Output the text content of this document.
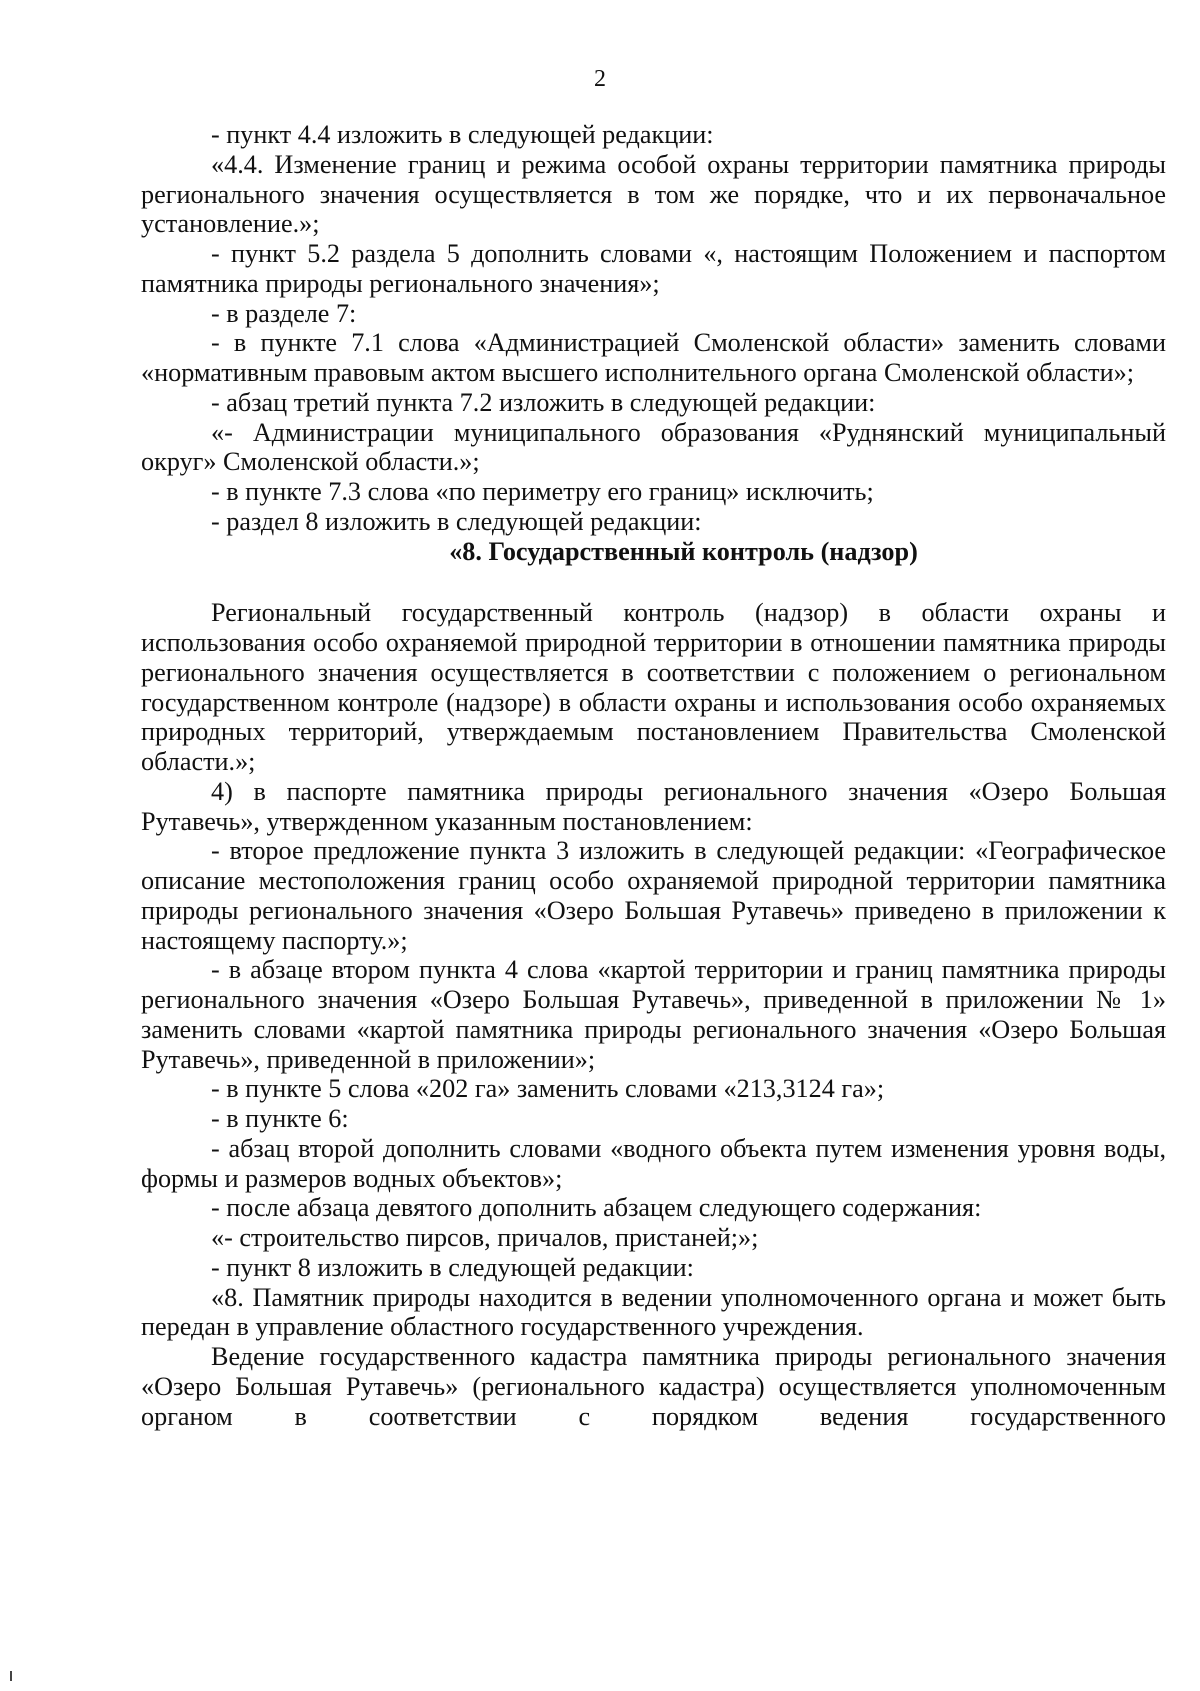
2

- пункт 4.4 изложить в следующей редакции:

«4.4. Изменение границ и режима особой охраны территории памятника природы регионального значения осуществляется в том же порядке, что и их первоначальное установление.»;

- пункт 5.2 раздела 5 дополнить словами «, настоящим Положением и паспортом памятника природы регионального значения»;

- в разделе 7:

- в пункте 7.1 слова «Администрацией Смоленской области» заменить словами «нормативным правовым актом высшего исполнительного органа Смоленской области»;

- абзац третий пункта 7.2 изложить в следующей редакции:

«- Администрации муниципального образования «Руднянский муниципальный округ» Смоленской области.»;

- в пункте 7.3 слова «по периметру его границ» исключить;

- раздел 8 изложить в следующей редакции:

«8. Государственный контроль (надзор)

Региональный государственный контроль (надзор) в области охраны и использования особо охраняемой природной территории в отношении памятника природы регионального значения осуществляется в соответствии с положением о региональном государственном контроле (надзоре) в области охраны и использования особо охраняемых природных территорий, утверждаемым постановлением Правительства Смоленской области.»;

4) в паспорте памятника природы регионального значения «Озеро Большая Рутавечь», утвержденном указанным постановлением:

- второе предложение пункта 3 изложить в следующей редакции: «Географическое описание местоположения границ особо охраняемой природной территории памятника природы регионального значения «Озеро Большая Рутавечь» приведено в приложении к настоящему паспорту.»;

- в абзаце втором пункта 4 слова «картой территории и границ памятника природы регионального значения «Озеро Большая Рутавечь», приведенной в приложении № 1» заменить словами «картой памятника природы регионального значения «Озеро Большая Рутавечь», приведенной в приложении»;

- в пункте 5 слова «202 га» заменить словами «213,3124 га»;

- в пункте 6:

- абзац второй дополнить словами «водного объекта путем изменения уровня воды, формы и размеров водных объектов»;

- после абзаца девятого дополнить абзацем следующего содержания:

«- строительство пирсов, причалов, пристаней;»;

- пункт 8 изложить в следующей редакции:

«8. Памятник природы находится в ведении уполномоченного органа и может быть передан в управление областного государственного учреждения.

Ведение государственного кадастра памятника природы регионального значения «Озеро Большая Рутавечь» (регионального кадастра) осуществляется уполномоченным органом в соответствии с порядком ведения государственного
